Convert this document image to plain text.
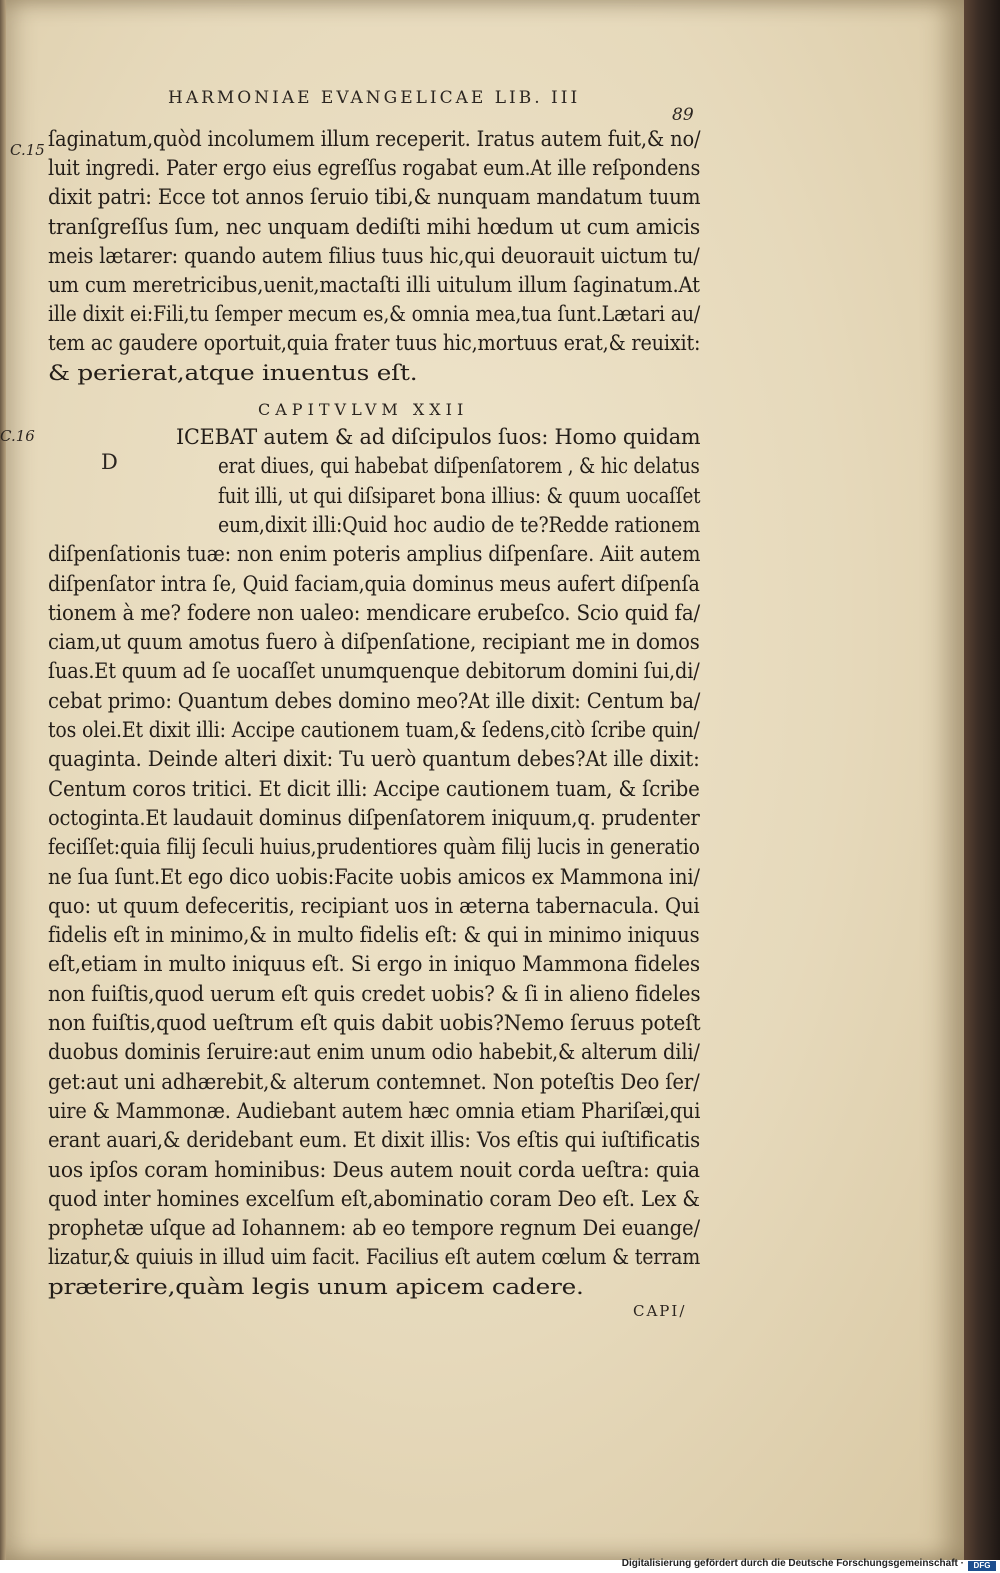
HARMONIAE EVANGELICAE LIB. III
89
C.15
C.16
ſaginatum,quòd incolumem illum receperit. Iratus autem fuit,& no/
luit ingredi. Pater ergo eius egreſſus rogabat eum.At ille reſpondens
dixit patri: Ecce tot annos ſeruio tibi,& nunquam mandatum tuum
tranſgreſſus ſum, nec unquam dediſti mihi hœdum ut cum amicis
meis lætarer: quando autem filius tuus hic,qui deuorauit uictum tu/
um cum meretricibus,uenit,mactaſti illi uitulum illum ſaginatum.At
ille dixit ei:Fili,tu ſemper mecum es,& omnia mea,tua ſunt.Lætari au/
tem ac gaudere oportuit,quia frater tuus hic,mortuus erat,& reuixit:
& perierat,atque inuentus eſt.
CAPITVLVM XXII
D
ICEBAT autem & ad diſcipulos ſuos: Homo quidam
erat diues, qui habebat diſpenſatorem , & hic delatus
fuit illi, ut qui diſsiparet bona illius: & quum uocaſſet
eum,dixit illi:Quid hoc audio de te?Redde rationem
diſpenſationis tuæ: non enim poteris amplius diſpenſare. Aiit autem
diſpenſator intra ſe, Quid faciam,quia dominus meus aufert diſpenſa
tionem à me? fodere non ualeo: mendicare erubeſco. Scio quid fa/
ciam,ut quum amotus fuero à diſpenſatione, recipiant me in domos
ſuas.Et quum ad ſe uocaſſet unumquenque debitorum domini ſui,di/
cebat primo: Quantum debes domino meo?At ille dixit: Centum ba/
tos olei.Et dixit illi: Accipe cautionem tuam,& ſedens,citò ſcribe quin/
quaginta. Deinde alteri dixit: Tu uerò quantum debes?At ille dixit:
Centum coros tritici. Et dicit illi: Accipe cautionem tuam, & ſcribe
octoginta.Et laudauit dominus diſpenſatorem iniquum,q. prudenter
feciſſet:quia filij ſeculi huius,prudentiores quàm filij lucis in generatio
ne ſua ſunt.Et ego dico uobis:Facite uobis amicos ex Mammona ini/
quo: ut quum defeceritis, recipiant uos in æterna tabernacula. Qui
fidelis eſt in minimo,& in multo fidelis eſt: & qui in minimo iniquus
eſt,etiam in multo iniquus eſt. Si ergo in iniquo Mammona fideles
non fuiſtis,quod uerum eſt quis credet uobis? & ſi in alieno fideles
non fuiſtis,quod ueſtrum eſt quis dabit uobis?Nemo ſeruus poteſt
duobus dominis ſeruire:aut enim unum odio habebit,& alterum dili/
get:aut uni adhærebit,& alterum contemnet. Non poteſtis Deo ſer/
uire & Mammonæ. Audiebant autem hæc omnia etiam Phariſæi,qui
erant auari,& deridebant eum. Et dixit illis: Vos eſtis qui iuſtificatis
uos ipſos coram hominibus: Deus autem nouit corda ueſtra: quia
quod inter homines excelſum eſt,abominatio coram Deo eſt. Lex &
prophetæ uſque ad Iohannem: ab eo tempore regnum Dei euange/
lizatur,& quiuis in illud uim facit. Facilius eſt autem cœlum & terram
præterire,quàm legis unum apicem cadere.
CAPI/
Digitalisierung gefördert durch die Deutsche Forschungsgemeinschaft ·	DFG
